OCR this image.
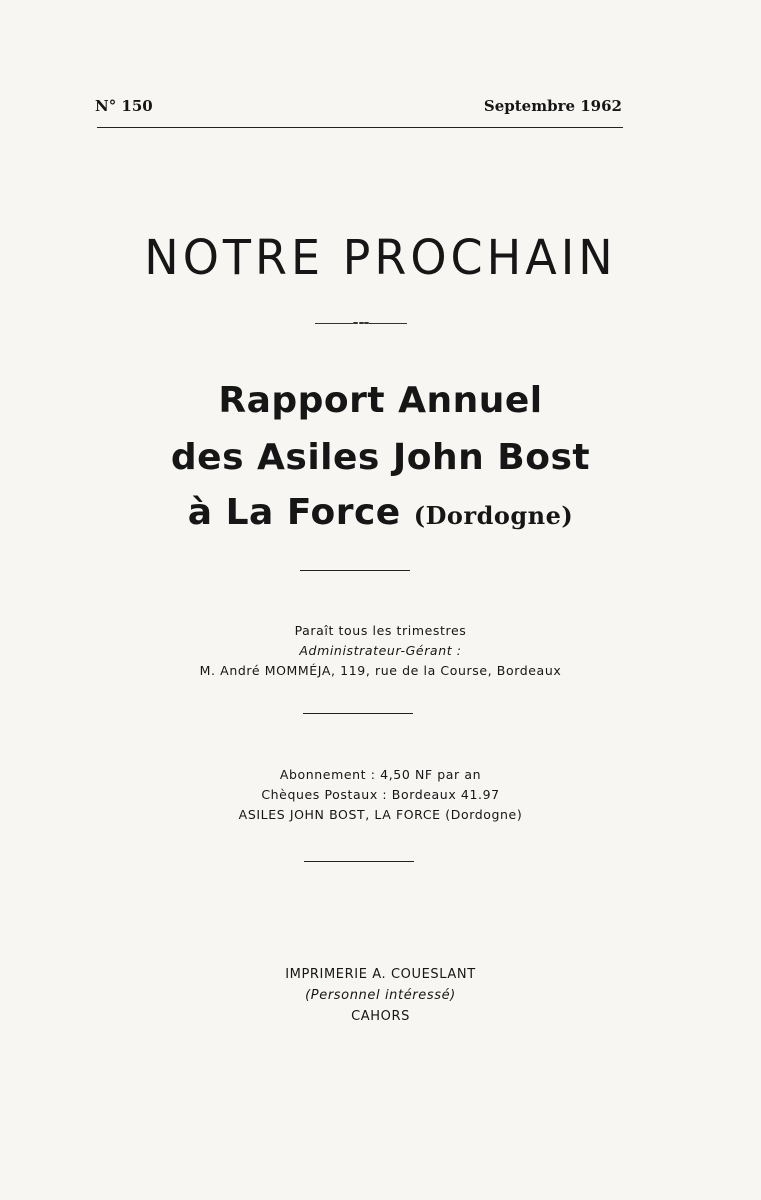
N° 150	Septembre 1962
NOTRE PROCHAIN
Rapport Annuel
des Asiles John Bost
à La Force (Dordogne)
Paraît tous les trimestres
Administrateur-Gérant :
M. André MOMMÉJA, 119, rue de la Course, Bordeaux
Abonnement : 4,50 NF par an
Chèques Postaux : Bordeaux 41.97
ASILES JOHN BOST, LA FORCE (Dordogne)
IMPRIMERIE A. COUESLANT
(Personnel intéressé)
CAHORS
